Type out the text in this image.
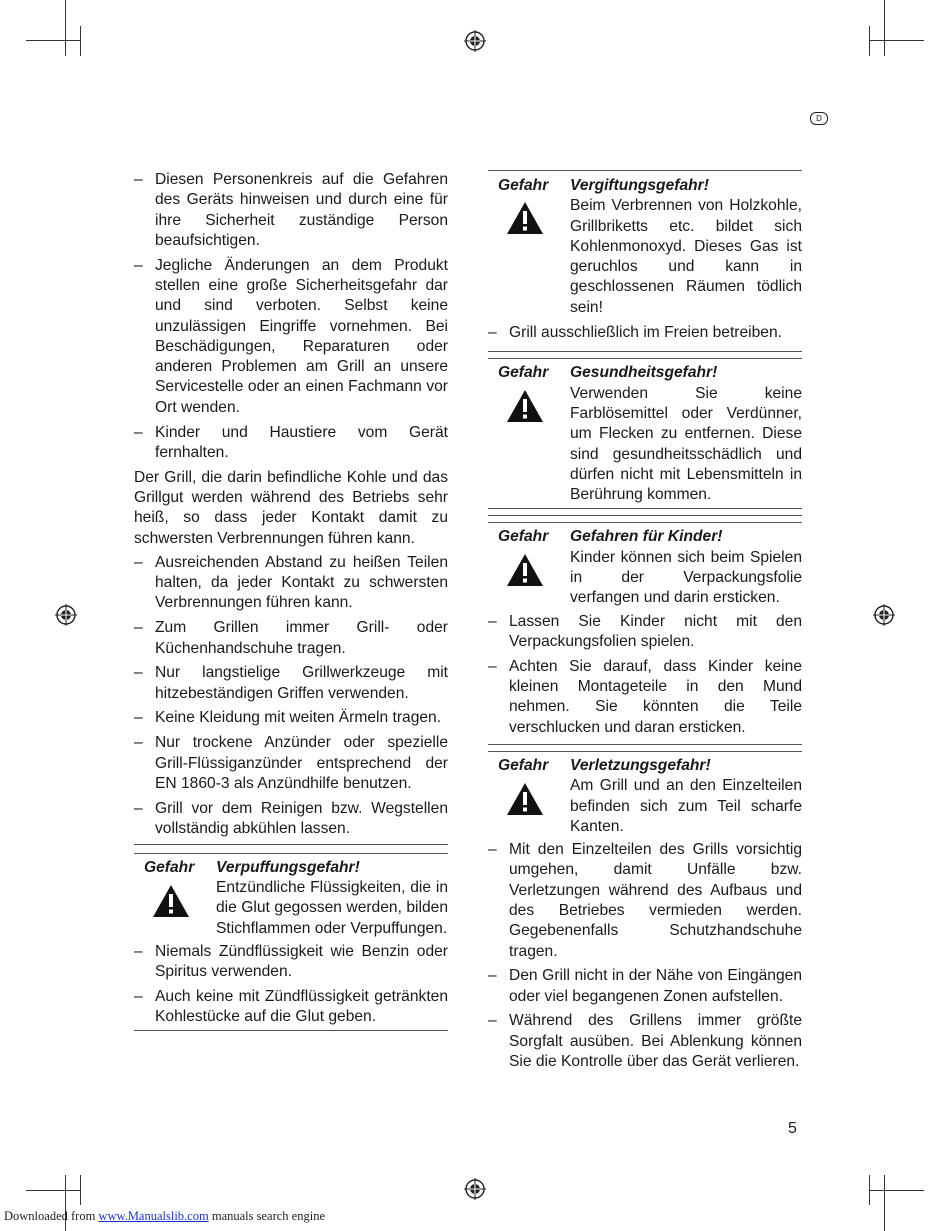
D
– Diesen Personenkreis auf die Gefahren des Geräts hinweisen und durch eine für ihre Sicherheit zuständige Person beaufsichtigen.
– Jegliche Änderungen an dem Produkt stellen eine große Sicherheitsgefahr dar und sind verboten. Selbst keine unzulässigen Eingriffe vornehmen. Bei Beschädigungen, Reparaturen oder anderen Problemen am Grill an unsere Servicestelle oder an einen Fachmann vor Ort wenden.
– Kinder und Haustiere vom Gerät fernhalten.
Der Grill, die darin befindliche Kohle und das Grillgut werden während des Betriebs sehr heiß, so dass jeder Kontakt damit zu schwersten Verbrennungen führen kann.
– Ausreichenden Abstand zu heißen Teilen halten, da jeder Kontakt zu schwersten Verbrennungen führen kann.
– Zum Grillen immer Grill- oder Küchenhandschuhe tragen.
– Nur langstielige Grillwerkzeuge mit hitzebeständigen Griffen verwenden.
– Keine Kleidung mit weiten Ärmeln tragen.
– Nur trockene Anzünder oder spezielle Grill-Flüssiganzünder entsprechend der EN 1860-3 als Anzündhilfe benutzen.
– Grill vor dem Reinigen bzw. Wegstellen vollständig abkühlen lassen.
Gefahr Verpuffungsgefahr!
Entzündliche Flüssigkeiten, die in die Glut gegossen werden, bilden Stichflammen oder Verpuffungen.
– Niemals Zündflüssigkeit wie Benzin oder Spiritus verwenden.
– Auch keine mit Zündflüssigkeit getränkten Kohlestücke auf die Glut geben.
Gefahr Vergiftungsgefahr!
Beim Verbrennen von Holzkohle, Grillbriketts etc. bildet sich Kohlenmonoxyd. Dieses Gas ist geruchlos und kann in geschlossenen Räumen tödlich sein!
– Grill ausschließlich im Freien betreiben.
Gefahr Gesundheitsgefahr!
Verwenden Sie keine Farblösemittel oder Verdünner, um Flecken zu entfernen. Diese sind gesundheitsschädlich und dürfen nicht mit Lebensmitteln in Berührung kommen.
Gefahr Gefahren für Kinder!
Kinder können sich beim Spielen in der Verpackungsfolie verfangen und darin ersticken.
– Lassen Sie Kinder nicht mit den Verpackungsfolien spielen.
– Achten Sie darauf, dass Kinder keine kleinen Montageteile in den Mund nehmen. Sie könnten die Teile verschlucken und daran ersticken.
Gefahr Verletzungsgefahr!
Am Grill und an den Einzelteilen befinden sich zum Teil scharfe Kanten.
– Mit den Einzelteilen des Grills vorsichtig umgehen, damit Unfälle bzw. Verletzungen während des Aufbaus und des Betriebes vermieden werden. Gegebenenfalls Schutzhandschuhe tragen.
– Den Grill nicht in der Nähe von Eingängen oder viel begangenen Zonen aufstellen.
– Während des Grillens immer größte Sorgfalt ausüben. Bei Ablenkung können Sie die Kontrolle über das Gerät verlieren.
5
Downloaded from www.Manualslib.com manuals search engine
